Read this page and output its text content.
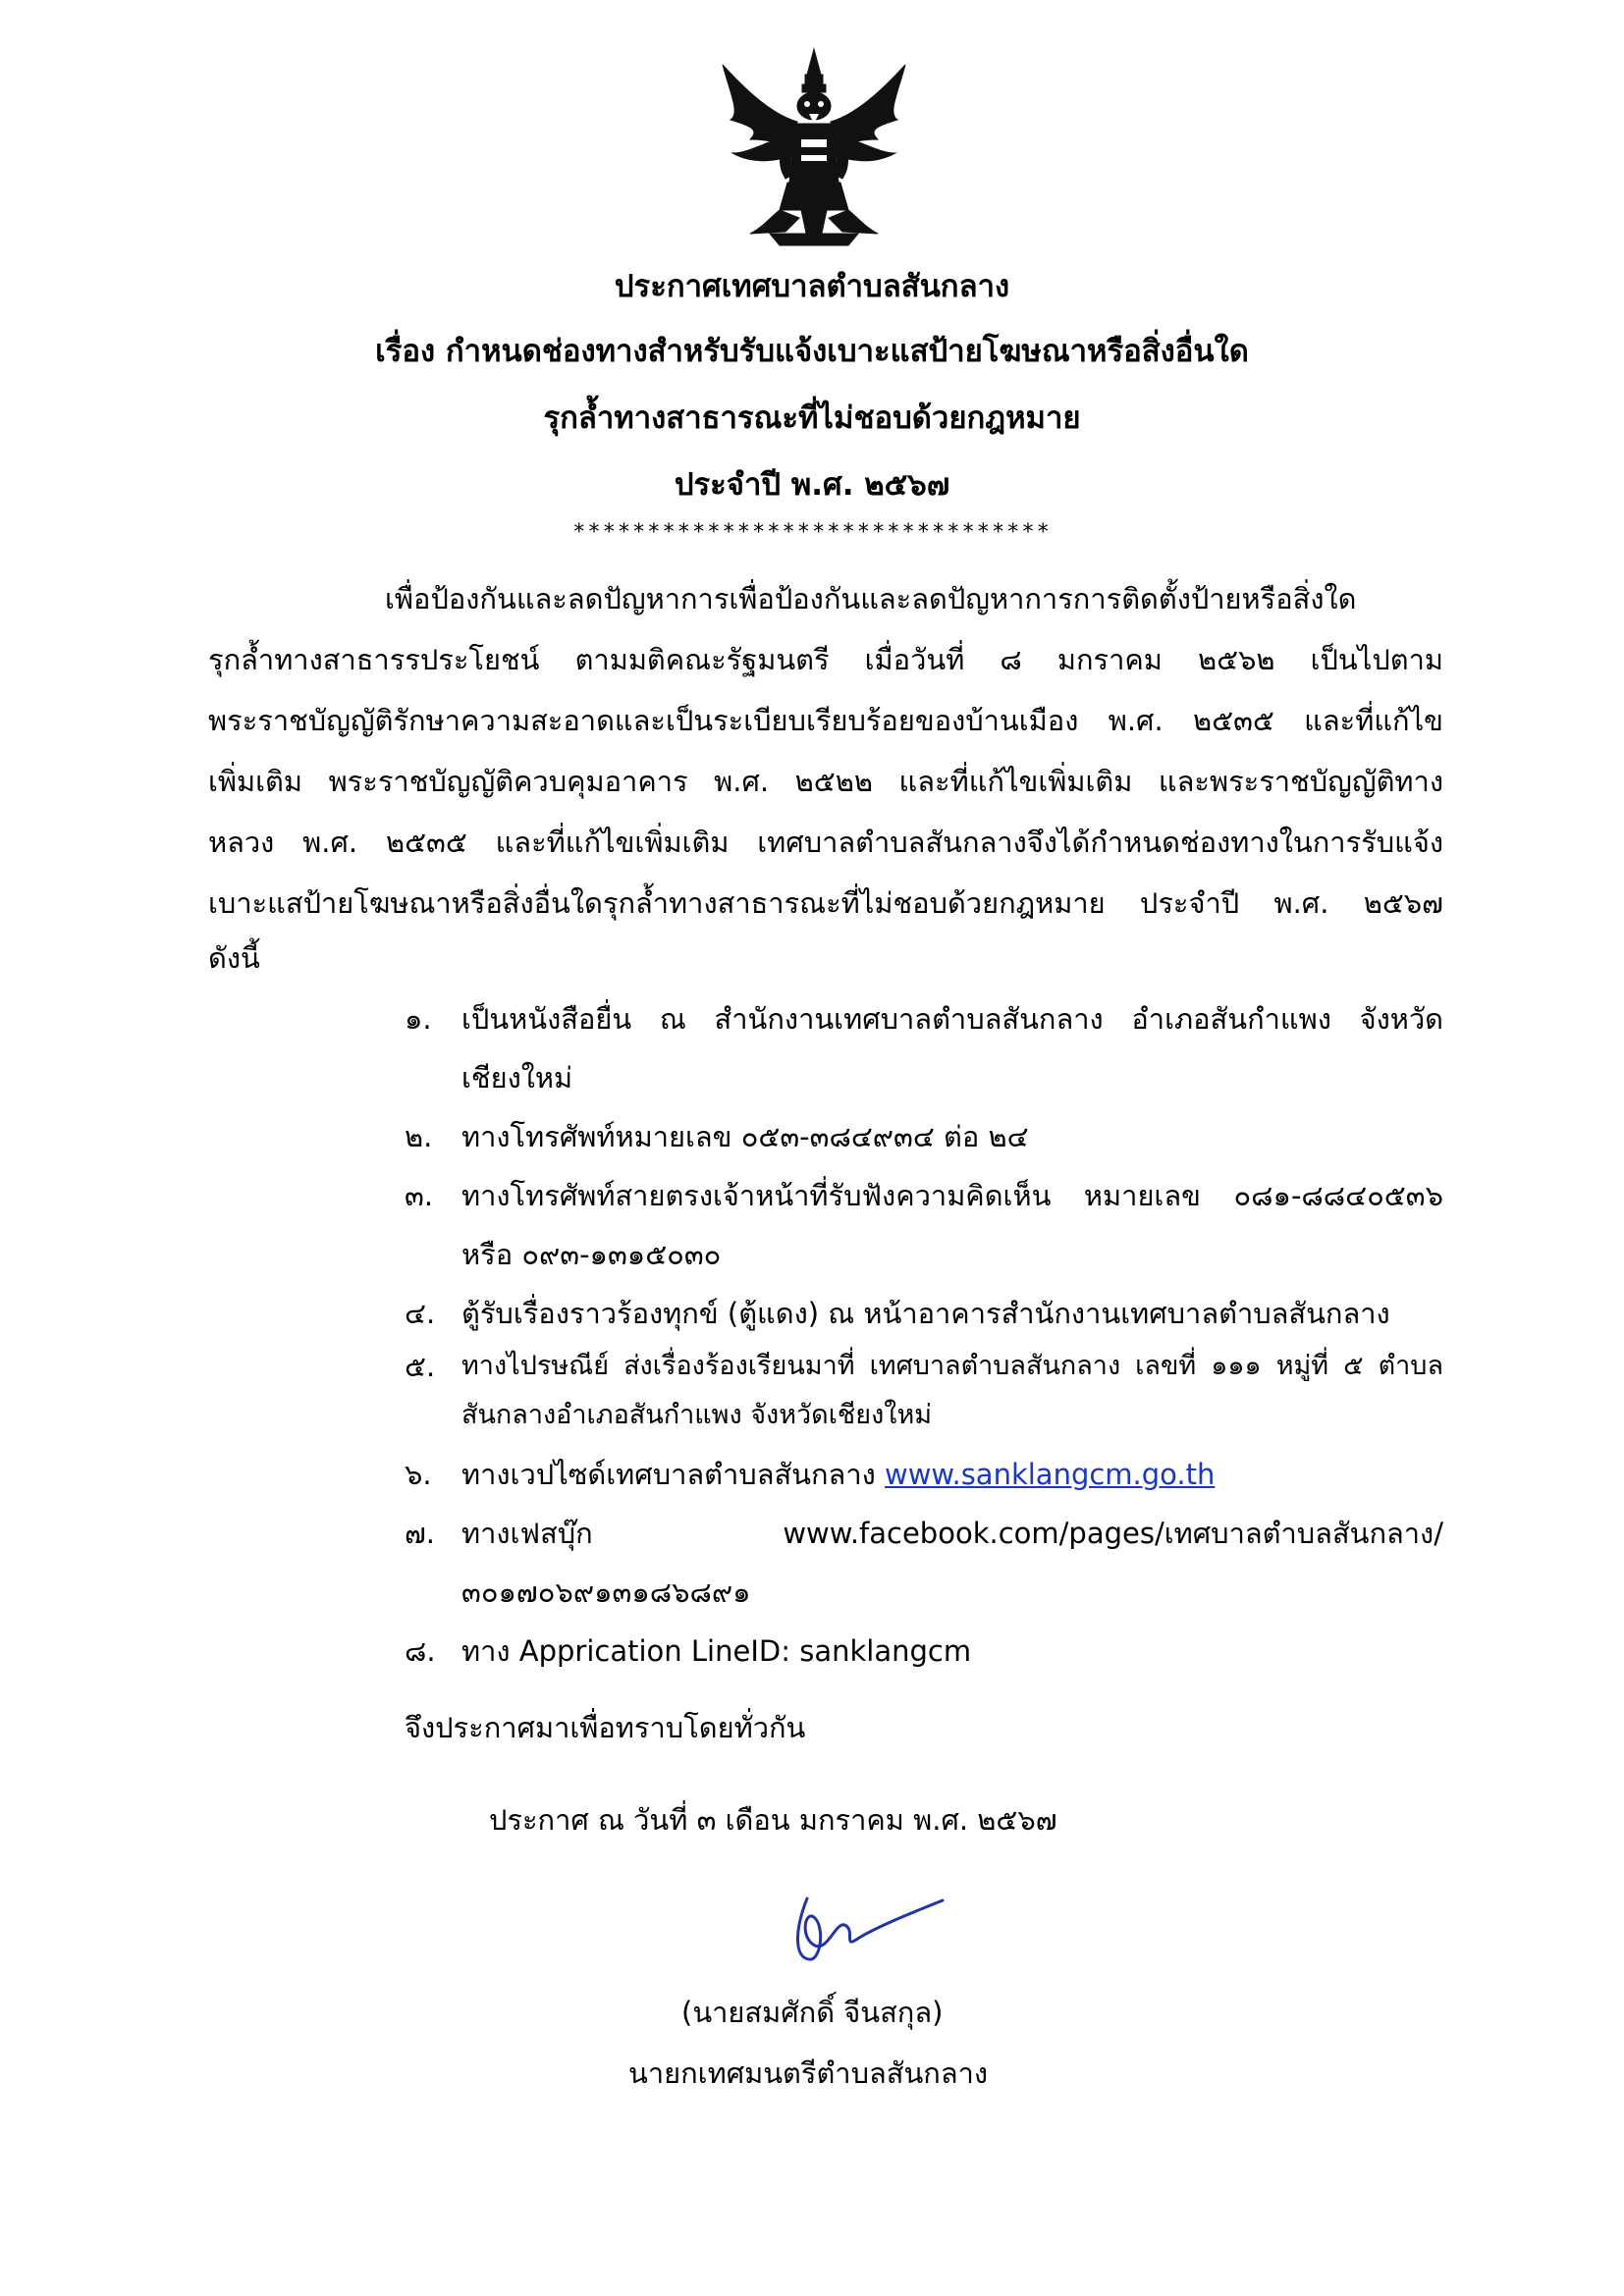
ประกาศเทศบาลตำบลสันกลาง
เรื่อง กำหนดช่องทางสำหรับรับแจ้งเบาะแสป้ายโฆษณาหรือสิ่งอื่นใด
รุกล้ำทางสาธารณะที่ไม่ชอบด้วยกฎหมาย
ประจำปี พ.ศ. ๒๕๖๗
********************************
เพื่อป้องกันและลดปัญหาการเพื่อป้องกันและลดปัญหาการการติดตั้งป้ายหรือสิ่งใด
รุกล้ำทางสาธารรประโยชน์ ตามมติคณะรัฐมนตรี เมื่อวันที่ ๘ มกราคม ๒๕๖๒ เป็นไปตาม
พระราชบัญญัติรักษาความสะอาดและเป็นระเบียบเรียบร้อยของบ้านเมือง พ.ศ. ๒๕๓๕ และที่แก้ไข
เพิ่มเติม พระราชบัญญัติควบคุมอาคาร พ.ศ. ๒๕๒๒ และที่แก้ไขเพิ่มเติม และพระราชบัญญัติทาง
หลวง พ.ศ. ๒๕๓๕ และที่แก้ไขเพิ่มเติม เทศบาลตำบลสันกลางจึงได้กำหนดช่องทางในการรับแจ้ง
เบาะแสป้ายโฆษณาหรือสิ่งอื่นใดรุกล้ำทางสาธารณะที่ไม่ชอบด้วยกฎหมาย ประจำปี พ.ศ. ๒๕๖๗
ดังนี้
๑. เป็นหนังสือยื่น ณ สำนักงานเทศบาลตำบลสันกลาง อำเภอสันกำแพง จังหวัด
เชียงใหม่
๒. ทางโทรศัพท์หมายเลข ๐๕๓-๓๘๔๙๓๔ ต่อ ๒๔
๓. ทางโทรศัพท์สายตรงเจ้าหน้าที่รับฟังความคิดเห็น หมายเลข ๐๘๑-๘๘๔๐๕๓๖
หรือ ๐๙๓-๑๓๑๕๐๓๐
๔. ตู้รับเรื่องราวร้องทุกข์ (ตู้แดง) ณ หน้าอาคารสำนักงานเทศบาลตำบลสันกลาง
๕. ทางไปรษณีย์ ส่งเรื่องร้องเรียนมาที่ เทศบาลตำบลสันกลาง เลขที่ ๑๑๑ หมู่ที่ ๕ ตำบล
สันกลางอำเภอสันกำแพง จังหวัดเชียงใหม่
๖. ทางเวปไซด์เทศบาลตำบลสันกลาง www.sanklangcm.go.th
๗. ทางเฟสบุ๊ก www.facebook.com/pages/เทศบาลตำบลสันกลาง/
๓๐๑๗๐๖๙๑๓๑๘๖๘๙๑
๘. ทาง Apprication LineID: sanklangcm
จึงประกาศมาเพื่อทราบโดยทั่วกัน
ประกาศ ณ วันที่ ๓ เดือน มกราคม พ.ศ. ๒๕๖๗
(นายสมศักดิ์ จีนสกุล)
นายกเทศมนตรีตำบลสันกลาง
